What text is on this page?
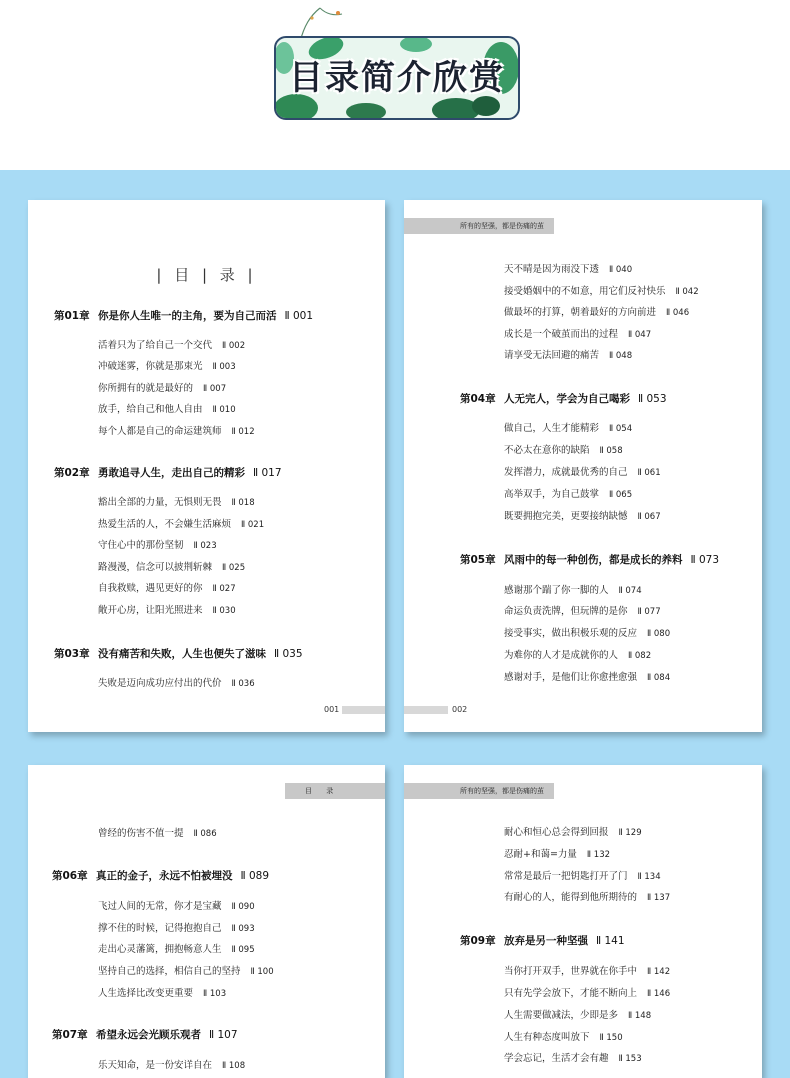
目录简介欣赏
| 目 | 录 |
第01章 你是你人生唯一的主角，要为自己而活 Ⅱ 001
活着只为了给自己一个交代 Ⅱ 002
冲破迷雾，你就是那束光 Ⅱ 003
你所拥有的就是最好的 Ⅱ 007
放手，给自己和他人自由 Ⅱ 010
每个人都是自己的命运建筑师 Ⅱ 012
第02章 勇敢追寻人生，走出自己的精彩 Ⅱ 017
豁出全部的力量，无惧则无畏 Ⅱ 018
热爱生活的人，不会嫌生活麻烦 Ⅱ 021
守住心中的那份坚韧 Ⅱ 023
路漫漫，信念可以披荆斩棘 Ⅱ 025
自我救赎，遇见更好的你 Ⅱ 027
敞开心房，让阳光照进来 Ⅱ 030
第03章 没有痛苦和失败，人生也便失了滋味 Ⅱ 035
失败是迈向成功应付出的代价 Ⅱ 036
001
所有的坚强，都是伤痛的茧
天不晴是因为雨没下透 Ⅱ 040
接受婚姻中的不如意，用它们反衬快乐 Ⅱ 042
做最坏的打算，朝着最好的方向前进 Ⅱ 046
成长是一个破茧而出的过程 Ⅱ 047
请享受无法回避的痛苦 Ⅱ 048
第04章 人无完人，学会为自己喝彩 Ⅱ 053
做自己，人生才能精彩 Ⅱ 054
不必太在意你的缺陷 Ⅱ 058
发挥潜力，成就最优秀的自己 Ⅱ 061
高举双手，为自己鼓掌 Ⅱ 065
既要拥抱完美，更要接纳缺憾 Ⅱ 067
第05章 风雨中的每一种创伤，都是成长的养料 Ⅱ 073
感谢那个踹了你一脚的人 Ⅱ 074
命运负责洗牌，但玩牌的是你 Ⅱ 077
接受事实，做出积极乐观的反应 Ⅱ 080
为难你的人才是成就你的人 Ⅱ 082
感谢对手，是他们让你愈挫愈强 Ⅱ 084
002
目 录
曾经的伤害不值一提 Ⅱ 086
第06章 真正的金子，永远不怕被埋没 Ⅱ 089
飞过人间的无常，你才是宝藏 Ⅱ 090
撑不住的时候，记得抱抱自己 Ⅱ 093
走出心灵藩篱，拥抱畅意人生 Ⅱ 095
坚持自己的选择，相信自己的坚持 Ⅱ 100
人生选择比改变更重要 Ⅱ 103
第07章 希望永远会光顾乐观者 Ⅱ 107
乐天知命，是一份安详自在 Ⅱ 108
所有的坚强，都是伤痛的茧
耐心和恒心总会得到回报 Ⅱ 129
忍耐+和蔼=力量 Ⅱ 132
常常是最后一把钥匙打开了门 Ⅱ 134
有耐心的人，能得到他所期待的 Ⅱ 137
第09章 放弃是另一种坚强 Ⅱ 141
当你打开双手，世界就在你手中 Ⅱ 142
只有先学会放下，才能不断向上 Ⅱ 146
人生需要做减法，少即是多 Ⅱ 148
人生有种态度叫放下 Ⅱ 150
学会忘记，生活才会有趣 Ⅱ 153
